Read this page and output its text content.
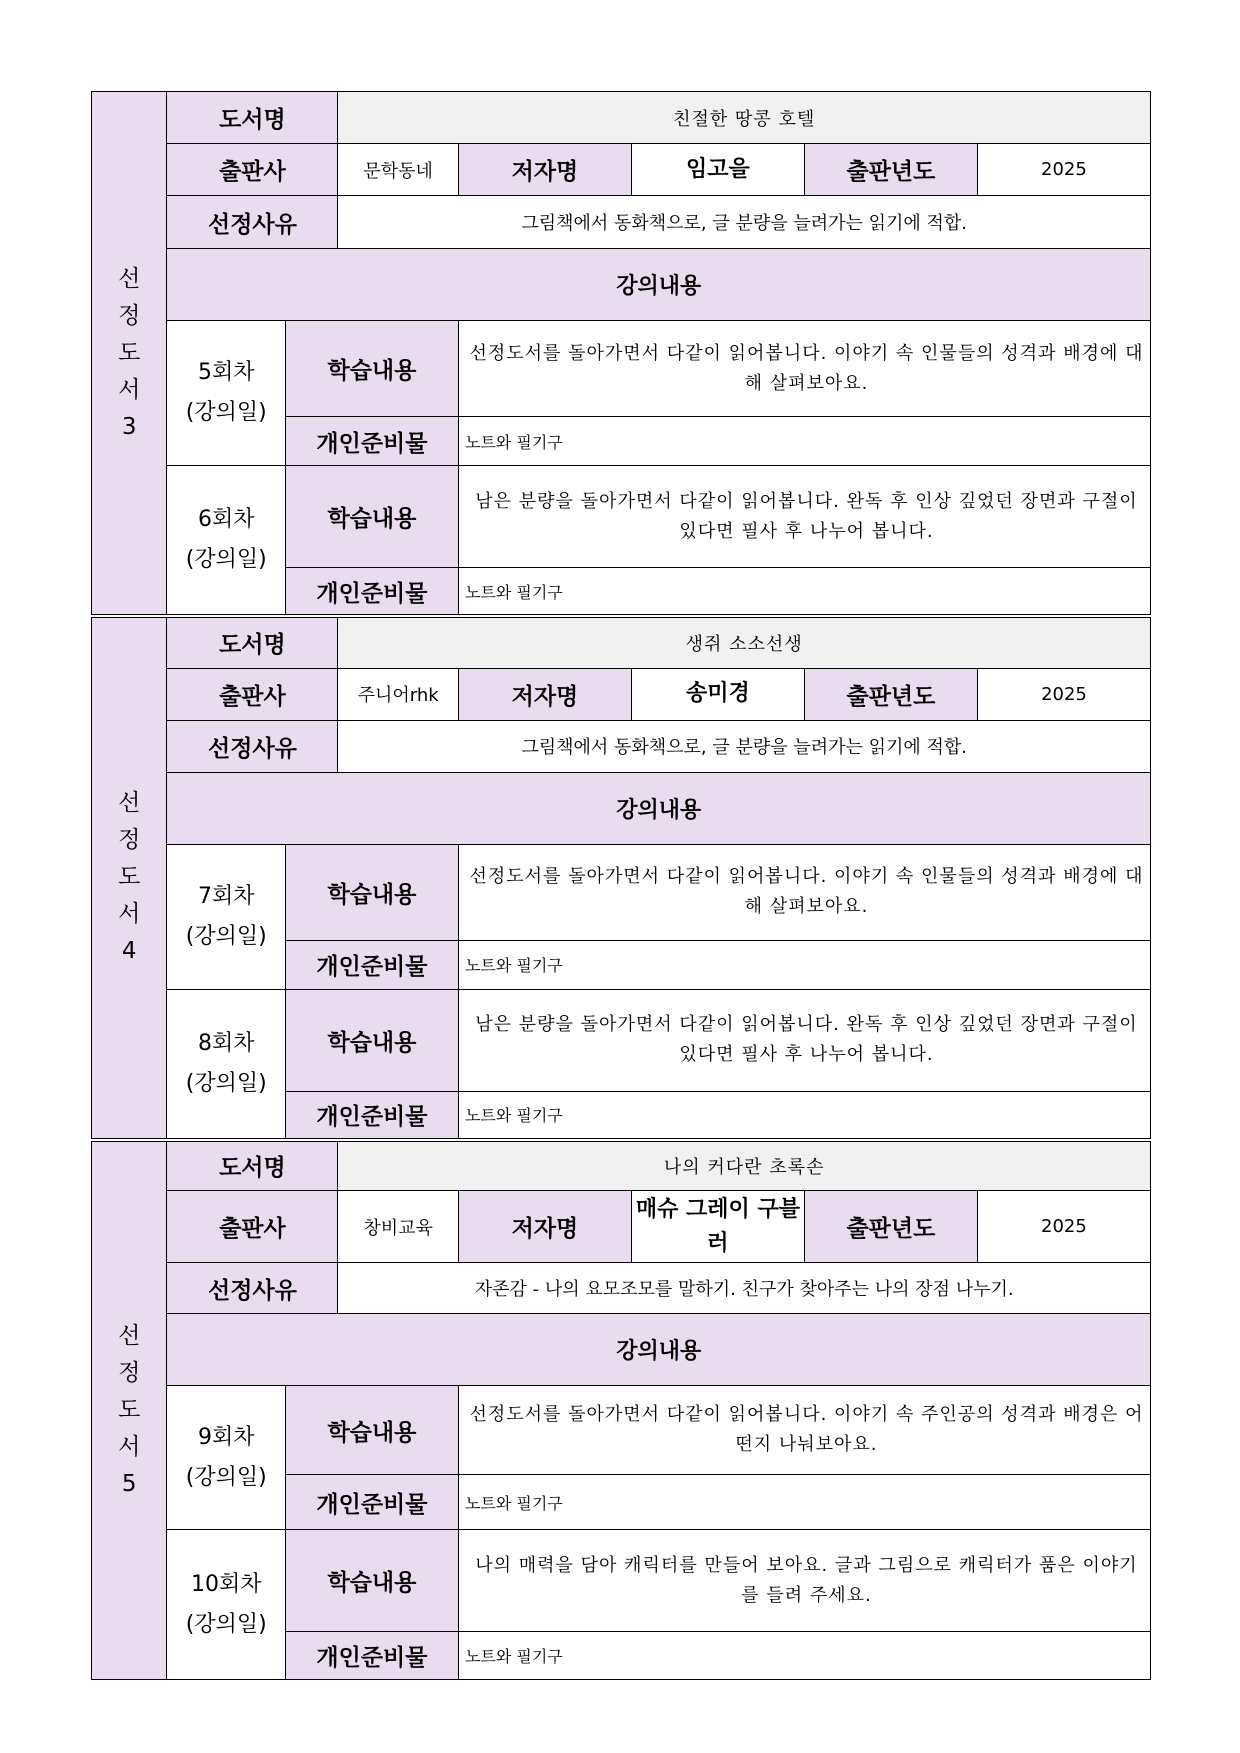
선
정
도
서
3	도서명		친절한 땅콩 호텔				
	출판사		문학동네	저자명	임고을	출판년도	2025
	선정사유		그림책에서 동화책으로, 글 분량을 늘려가는 읽기에 적합.				
	강의내용						
	5회차
(강의일)	학습내용		선정도서를 돌아가면서 다같이 읽어봅니다. 이야기 속 인물들의 성격과 배경에 대해 살펴보아요.			
		개인준비물		노트와 필기구			
	6회차
(강의일)	학습내용		남은 분량을 돌아가면서 다같이 읽어봅니다. 완독 후 인상 깊었던 장면과 구절이 있다면 필사 후 나누어 봅니다.			
		개인준비물		노트와 필기구			
선
정
도
서
4	도서명		생쥐 소소선생				
	출판사		주니어rhk	저자명	송미경	출판년도	2025
	선정사유		그림책에서 동화책으로, 글 분량을 늘려가는 읽기에 적합.				
	강의내용						
	7회차
(강의일)	학습내용		선정도서를 돌아가면서 다같이 읽어봅니다. 이야기 속 인물들의 성격과 배경에 대해 살펴보아요.			
		개인준비물		노트와 필기구			
	8회차
(강의일)	학습내용		남은 분량을 돌아가면서 다같이 읽어봅니다. 완독 후 인상 깊었던 장면과 구절이 있다면 필사 후 나누어 봅니다.			
		개인준비물		노트와 필기구			
선
정
도
서
5	도서명		나의 커다란 초록손				
	출판사		창비교육	저자명	매슈 그레이 구블러	출판년도	2025
	선정사유		자존감 - 나의 요모조모를 말하기. 친구가 찾아주는 나의 장점 나누기.				
	강의내용						
	9회차
(강의일)	학습내용		선정도서를 돌아가면서 다같이 읽어봅니다. 이야기 속 주인공의 성격과 배경은 어떤지 나눠보아요.			
		개인준비물		노트와 필기구			
	10회차
(강의일)	학습내용		나의 매력을 담아 캐릭터를 만들어 보아요. 글과 그림으로 캐릭터가 품은 이야기를 들려 주세요.			
		개인준비물		노트와 필기구			
